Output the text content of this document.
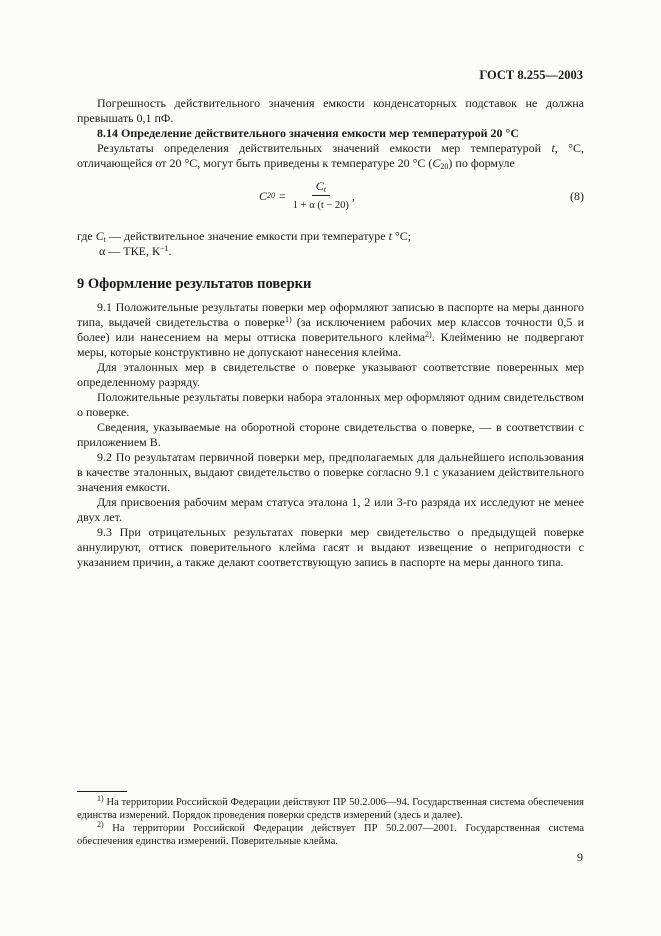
ГОСТ 8.255—2003

Погрешность действительного значения емкости конденсаторных подставок не должна превышать 0,1 пФ.

8.14 Определение действительного значения емкости мер температурой 20 °С

Результаты определения действительных значений емкости мер температурой t, °С, отличающейся от 20 °С, могут быть приведены к температуре 20 °С $(C_{20})$ по формуле

C $20 = \frac{C_t}{1 + \alpha (t - 20)}$ ,	(8)

где $C_t$ — действительное значение емкости при температуре t °С;

α — ТКЕ, $К^{-1}$.

9 Оформление результатов поверки

9.1 Положительные результаты поверки мер оформляют записью в паспорте на меры данного типа, выдачей свидетельства о поверке$^{1)}$ (за исключением рабочих мер классов точности 0,5 и более) или нанесением на меры оттиска поверительного клейма$^{2)}$. Клеймению не подвергают меры, которые конструктивно не допускают нанесения клейма.

Для эталонных мер в свидетельстве о поверке указывают соответствие поверенных мер определенному разряду.

Положительные результаты поверки набора эталонных мер оформляют одним свидетельством о поверке.

Сведения, указываемые на оборотной стороне свидетельства о поверке, — в соответствии с приложением В.

9.2 По результатам первичной поверки мер, предполагаемых для дальнейшего использования в качестве эталонных, выдают свидетельство о поверке согласно 9.1 с указанием действительного значения емкости.

Для присвоения рабочим мерам статуса эталона 1, 2 или 3-го разряда их исследуют не менее двух лет.

9.3 При отрицательных результатах поверки мер свидетельство о предыдущей поверке аннулируют, оттиск поверительного клейма гасят и выдают извещение о непригодности с указанием причин, а также делают соответствующую запись в паспорте на меры данного типа.

$^{1)}$ На территории Российской Федерации действуют ПР 50.2.006—94. Государственная система обеспечения единства измерений. Порядок проведения поверки средств измерений (здесь и далее).

$^{2)}$ На территории Российской Федерации действует ПР 50.2.007—2001. Государственная система обеспечения единства измерений. Поверительные клейма.

9
